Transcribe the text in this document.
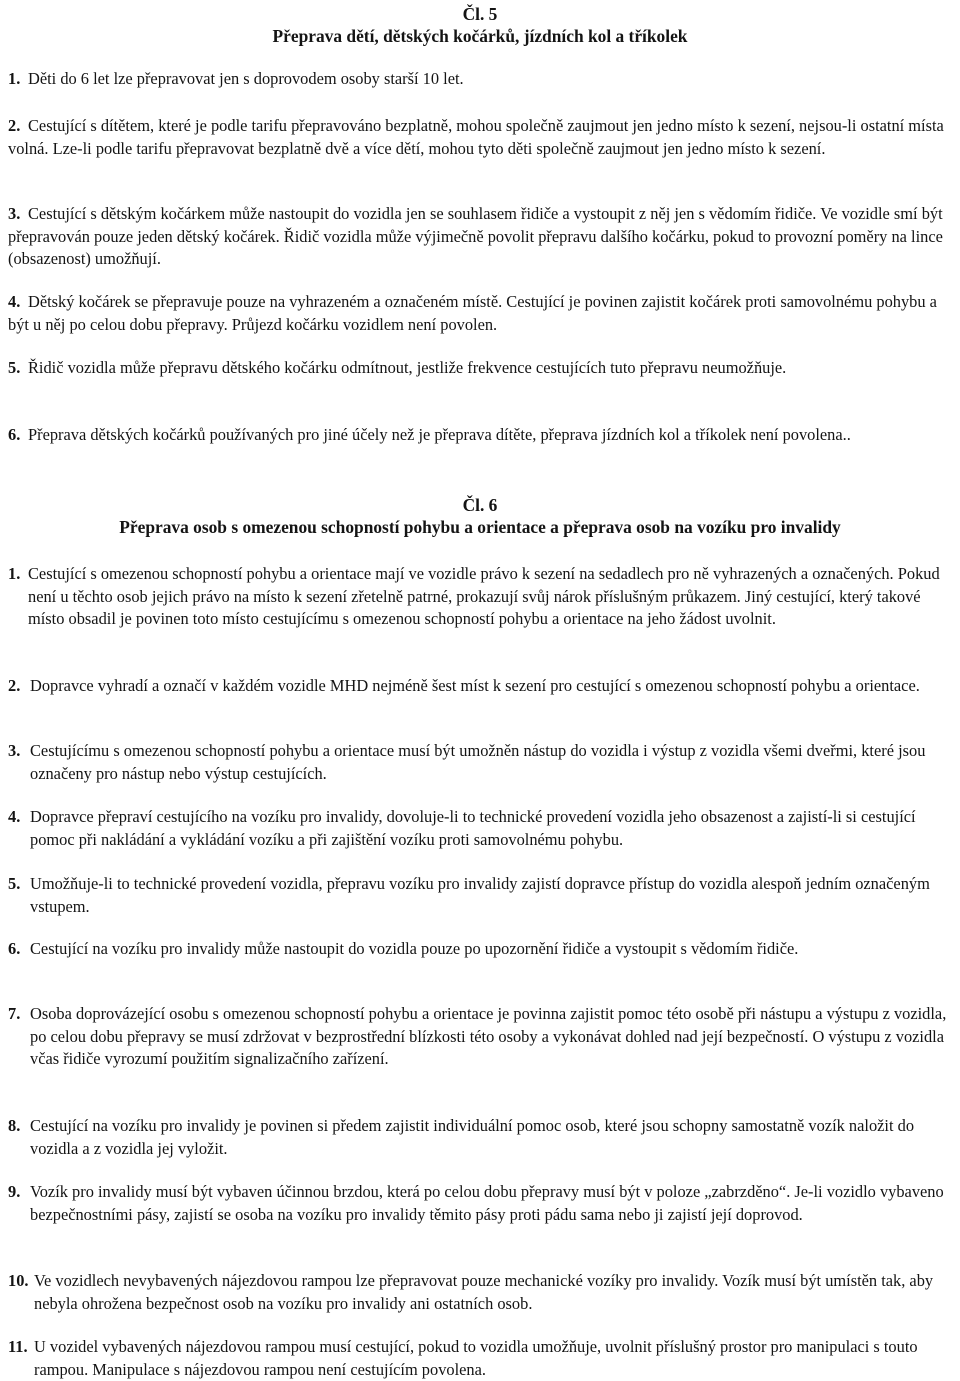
Čl. 5
Přeprava dětí, dětských kočárků, jízdních kol a tříkolek
1. Děti do 6 let lze přepravovat jen s doprovodem osoby starší 10 let.
2. Cestující s dítětem, které je podle tarifu přepravováno bezplatně, mohou společně zaujmout jen jedno místo k sezení, nejsou-li ostatní místa volná. Lze-li podle tarifu přepravovat bezplatně dvě a více dětí, mohou tyto děti společně zaujmout jen jedno místo k sezení.
3. Cestující s dětským kočárkem může nastoupit do vozidla jen se souhlasem řidiče a vystoupit z něj jen s vědomím řidiče. Ve vozidle smí být přepravován pouze jeden dětský kočárek. Řidič vozidla může výjimečně povolit přepravu dalšího kočárku, pokud to provozní poměry na lince (obsazenost) umožňují.
4. Dětský kočárek se přepravuje pouze na vyhrazeném a označeném místě. Cestující je povinen zajistit kočárek proti samovolnému pohybu a být u něj po celou dobu přepravy. Průjezd kočárku vozidlem není povolen.
5. Řidič vozidla může přepravu dětského kočárku odmítnout, jestliže frekvence cestujících tuto přepravu neumožňuje.
6. Přeprava dětských kočárků používaných pro jiné účely než je přeprava dítěte, přeprava jízdních kol a tříkolek není povolena..
Čl. 6
Přeprava osob s omezenou schopností pohybu a orientace a přeprava osob na vozíku pro invalidy
1. Cestující s omezenou schopností pohybu a orientace mají ve vozidle právo k sezení na sedadlech pro ně vyhrazených a označených. Pokud není u těchto osob jejich právo na místo k sezení zřetelně patrné, prokazují svůj nárok příslušným průkazem. Jiný cestující, který takové místo obsadil je povinen toto místo cestujícímu s omezenou schopností pohybu a orientace na jeho žádost uvolnit.
2. Dopravce vyhradí a označí v každém vozidle MHD nejméně šest míst k sezení pro cestující s omezenou schopností pohybu a orientace.
3. Cestujícímu s omezenou schopností pohybu a orientace musí být umožněn nástup do vozidla i výstup z vozidla všemi dveřmi, které jsou označeny pro nástup nebo výstup cestujících.
4. Dopravce přepraví cestujícího na vozíku pro invalidy, dovoluje-li to technické provedení vozidla jeho obsazenost a zajistí-li si cestující pomoc při nakládání a vykládání vozíku a při zajištění vozíku proti samovolnému pohybu.
5. Umožňuje-li to technické provedení vozidla, přepravu vozíku pro invalidy zajistí dopravce přístup do vozidla alespoň jedním označeným vstupem.
6. Cestující na vozíku pro invalidy může nastoupit do vozidla pouze po upozornění řidiče a vystoupit s vědomím řidiče.
7. Osoba doprovázející osobu s omezenou schopností pohybu a orientace je povinna zajistit pomoc této osobě při nástupu a výstupu z vozidla, po celou dobu přepravy se musí zdržovat v bezprostřední blízkosti této osoby a vykonávat dohled nad její bezpečností. O výstupu z vozidla včas řidiče vyrozumí použitím signalizačního zařízení.
8. Cestující na vozíku pro invalidy je povinen si předem zajistit individuální pomoc osob, které jsou schopny samostatně vozík naložit do vozidla a z vozidla jej vyložit.
9. Vozík pro invalidy musí být vybaven účinnou brzdou, která po celou dobu přepravy musí být v poloze „zabrzděno“. Je-li vozidlo vybaveno bezpečnostními pásy, zajistí se osoba na vozíku pro invalidy těmito pásy proti pádu sama nebo ji zajistí její doprovod.
10. Ve vozidlech nevybavených nájezdovou rampou lze přepravovat pouze mechanické vozíky pro invalidy. Vozík musí být umístěn tak, aby nebyla ohrožena bezpečnost osob na vozíku pro invalidy ani ostatních osob.
11. U vozidel vybavených nájezdovou rampou musí cestující, pokud to vozidla umožňuje, uvolnit příslušný prostor pro manipulaci s touto rampou. Manipulace s nájezdovou rampou není cestujícím povolena.
